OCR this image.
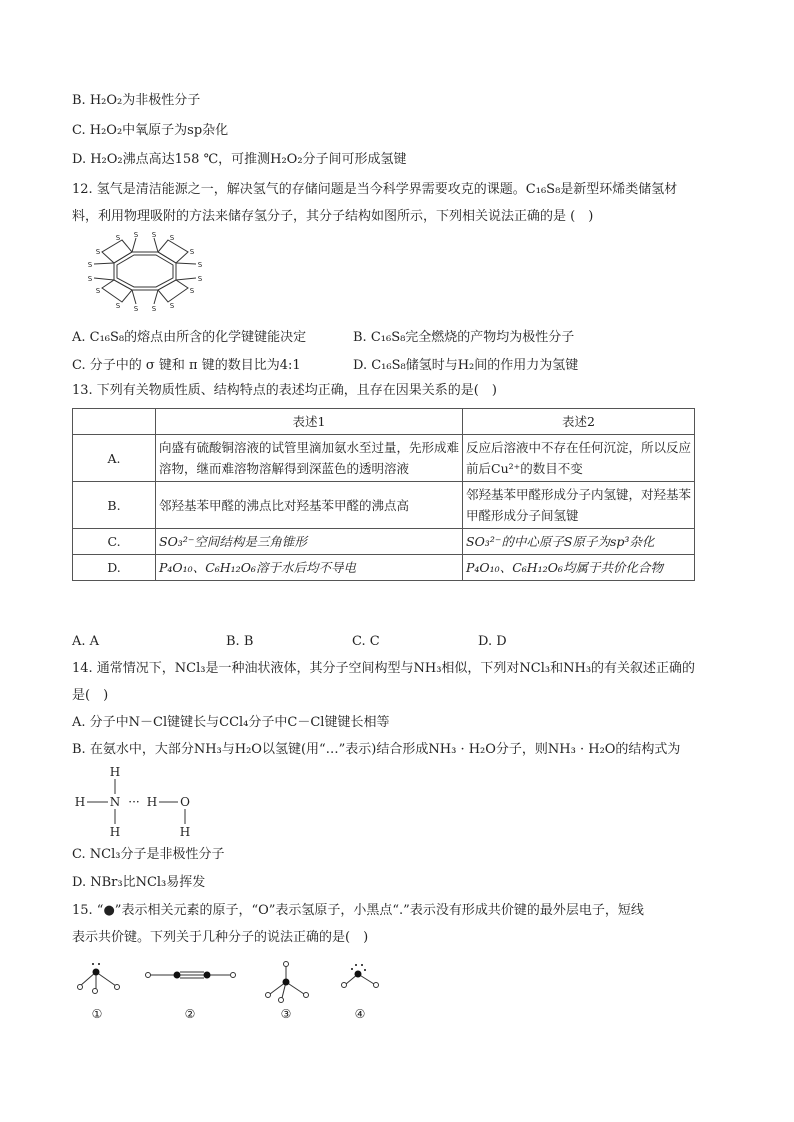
B. H₂O₂为非极性分子
C. H₂O₂中氧原子为sp杂化
D. H₂O₂沸点高达158 ℃，可推测H₂O₂分子间可形成氢键
12. 氢气是清洁能源之一，解决氢气的存储问题是当今科学界需要攻克的课题。C₁₆S₈是新型环烯类储氢材
料，利用物理吸附的方法来储存氢分子，其分子结构如图所示，下列相关说法正确的是 (　)
S S
S	S
S	S
S	S
S	S
S	S
S	S
S S
A. C₁₆S₈的熔点由所含的化学键键能决定	B. C₁₆S₈完全燃烧的产物均为极性分子
C. 分子中的 σ 键和 π 键的数目比为4:1	D. C₁₆S₈储氢时与H₂间的作用力为氢键
13. 下列有关物质性质、结构特点的表述均正确，且存在因果关系的是(　)
	表述1	表述2
A.	向盛有硫酸铜溶液的试管里滴加氨水至过量，先形成难溶物，继而难溶物溶解得到深蓝色的透明溶液	反应后溶液中不存在任何沉淀，所以反应前后Cu²⁺的数目不变
B.	邻羟基苯甲醛的沸点比对羟基苯甲醛的沸点高	邻羟基苯甲醛形成分子内氢键，对羟基苯甲醛形成分子间氢键
C.	SO₃²⁻空间结构是三角锥形	SO₃²⁻的中心原子S原子为sp³杂化
D.	P₄O₁₀、C₆H₁₂O₆溶于水后均不导电	P₄O₁₀、C₆H₁₂O₆均属于共价化合物
A. A	B. B	C. C	D. D
14. 通常情况下，NCl₃是一种油状液体，其分子空间构型与NH₃相似，下列对NCl₃和NH₃的有关叙述正确的
是(　)
A. 分子中N－Cl键键长与CCl₄分子中C－Cl键键长相等
B. 在氨水中，大部分NH₃与H₂O以氢键(用“…”表示)结合形成NH₃ · H₂O分子，则NH₃ · H₂O的结构式为
H
H N ··· H O
H	H
C. NCl₃分子是非极性分子
D. NBr₃比NCl₃易挥发
15. “●”表示相关元素的原子，“O”表示氢原子，小黑点“.”表示没有形成共价键的最外层电子，短线
表示共价键。下列关于几种分子的说法正确的是(　)
①	②	③	④
